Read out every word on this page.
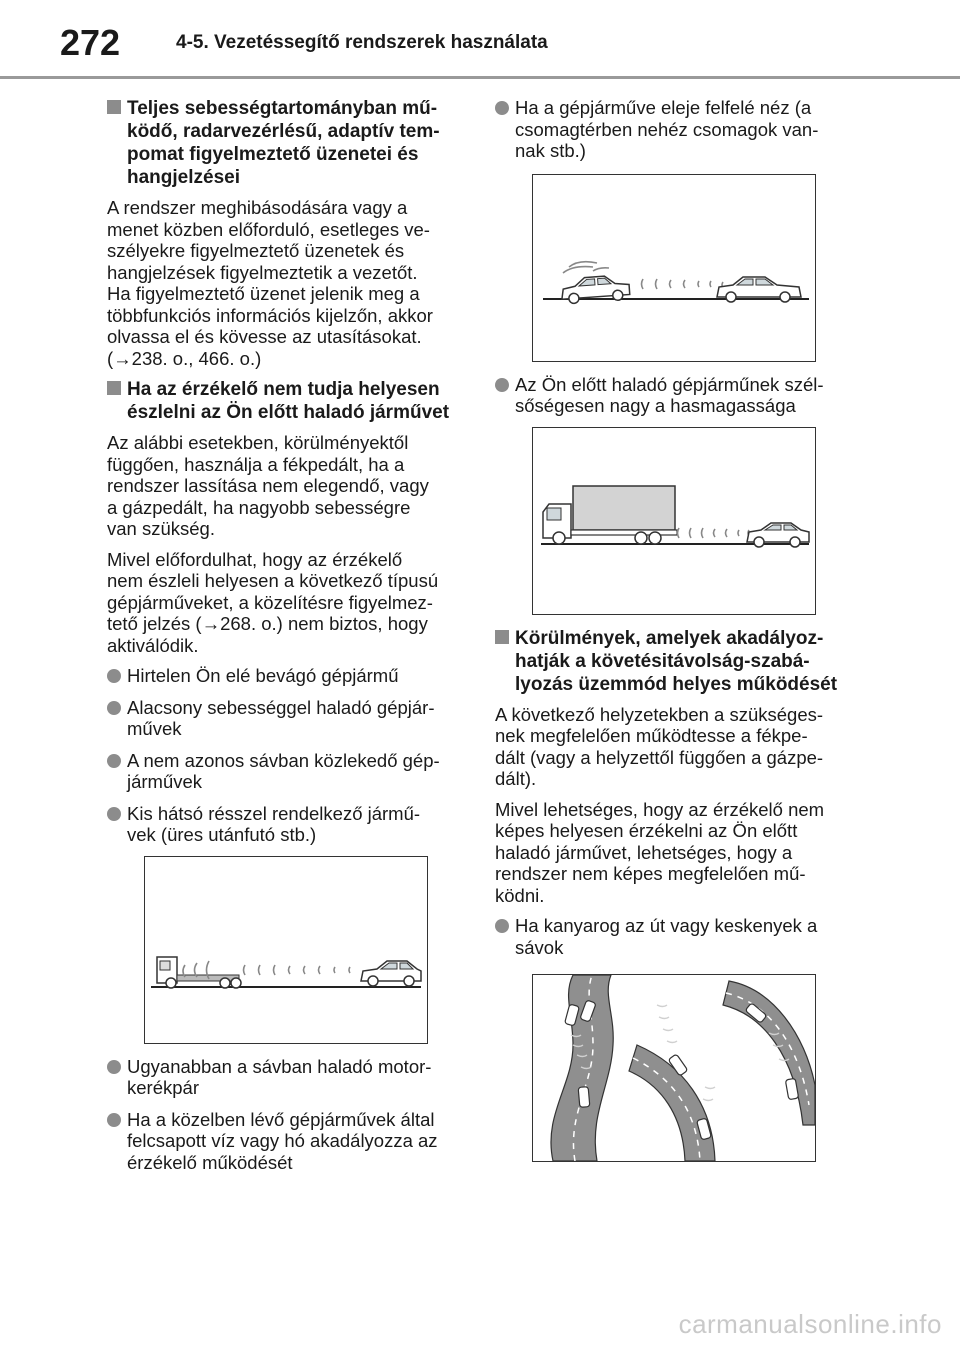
272	4-5. Vezetéssegítő rendszerek használata
Teljes sebességtartományban mű-
ködő, radarvezérlésű, adaptív tem-
pomat figyelmeztető üzenetei és
hangjelzései

A rendszer meghibásodására vagy a
menet közben előforduló, esetleges ve-
szélyekre figyelmeztető üzenetek és
hangjelzések figyelmeztetik a vezetőt.
Ha figyelmeztető üzenet jelenik meg a
többfunkciós információs kijelzőn, akkor
olvassa el és kövesse az utasításokat.
(→238. o., 466. o.)

Ha az érzékelő nem tudja helyesen
észlelni az Ön előtt haladó járművet

Az alábbi esetekben, körülményektől
függően, használja a fékpedált, ha a
rendszer lassítása nem elegendő, vagy
a gázpedált, ha nagyobb sebességre
van szükség.

Mivel előfordulhat, hogy az érzékelő
nem észleli helyesen a következő típusú
gépjárműveket, a közelítésre figyelmez-
tető jelzés (→268. o.) nem biztos, hogy
aktiválódik.

Hirtelen Ön elé bevágó gépjármű
Alacsony sebességgel haladó gépjár-
művek
A nem azonos sávban közlekedő gép-
járművek
Kis hátsó résszel rendelkező jármű-
vek (üres utánfutó stb.)
Ugyanabban a sávban haladó motor-
kerékpár
Ha a közelben lévő gépjárművek által
felcsapott víz vagy hó akadályozza az
érzékelő működését
Ha a gépjárműve eleje felfelé néz (a
csomagtérben nehéz csomagok van-
nak stb.)
Az Ön előtt haladó gépjárműnek szél-
sőségesen nagy a hasmagassága
Körülmények, amelyek akadályoz-
hatják a követésitávolság-szabá-
lyozás üzemmód helyes működését

A következő helyzetekben a szükséges-
nek megfelelően működtesse a fékpe-
dált (vagy a helyzettől függően a gázpe-
dált).

Mivel lehetséges, hogy az érzékelő nem
képes helyesen érzékelni az Ön előtt
haladó járművet, lehetséges, hogy a
rendszer nem képes megfelelően mű-
ködni.

Ha kanyarog az út vagy keskenyek a
sávok
carmanualsonline.info
